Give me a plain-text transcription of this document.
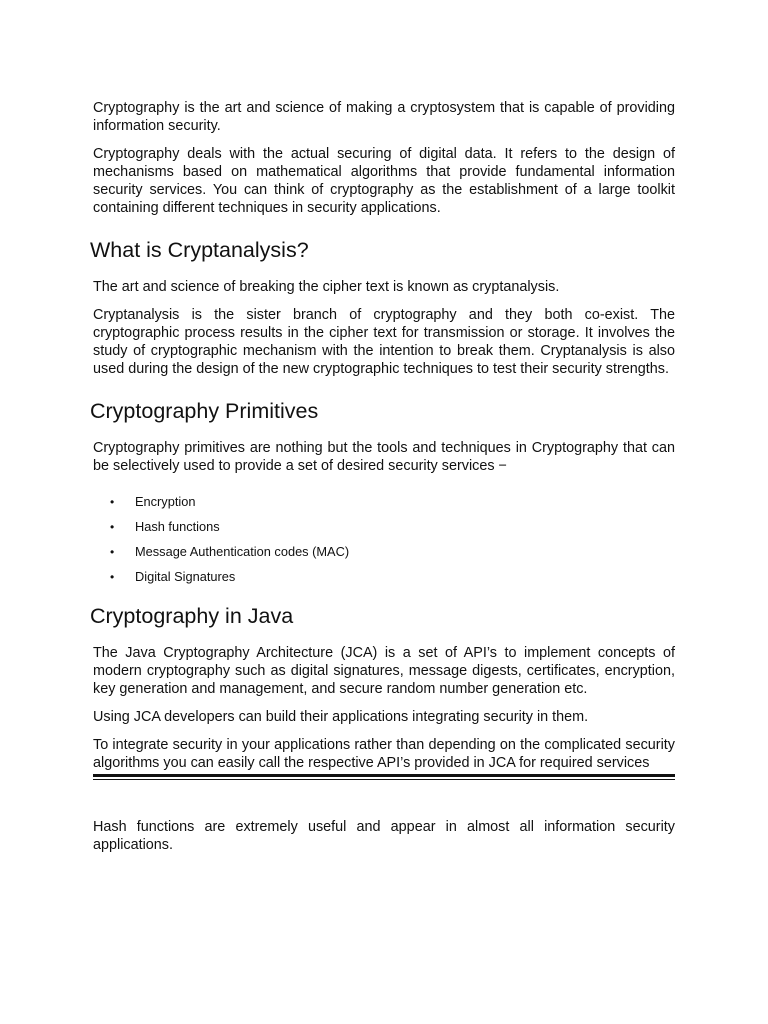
Cryptography is the art and science of making a cryptosystem that is capable of providing information security.

Cryptography deals with the actual securing of digital data. It refers to the design of mechanisms based on mathematical algorithms that provide fundamental information security services. You can think of cryptography as the establishment of a large toolkit containing different techniques in security applications.

What is Cryptanalysis?

The art and science of breaking the cipher text is known as cryptanalysis.

Cryptanalysis is the sister branch of cryptography and they both co-exist. The cryptographic process results in the cipher text for transmission or storage. It involves the study of cryptographic mechanism with the intention to break them. Cryptanalysis is also used during the design of the new cryptographic techniques to test their security strengths.

Cryptography Primitives

Cryptography primitives are nothing but the tools and techniques in Cryptography that can be selectively used to provide a set of desired security services −

• Encryption
• Hash functions
• Message Authentication codes (MAC)
• Digital Signatures
Cryptography in Java

The Java Cryptography Architecture (JCA) is a set of API’s to implement concepts of modern cryptography such as digital signatures, message digests, certificates, encryption, key generation and management, and secure random number generation etc.

Using JCA developers can build their applications integrating security in them.

To integrate security in your applications rather than depending on the complicated security algorithms you can easily call the respective API’s provided in JCA for required services

Hash functions are extremely useful and appear in almost all information security applications.
